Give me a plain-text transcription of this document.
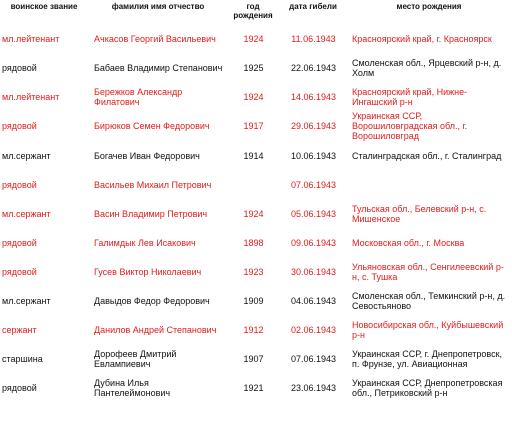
воинское звание	фамилия имя отчество	год рождения	дата гибели	место рождения
мл.лейтенант	Ачкасов Георгий Васильевич	1924	11.06.1943	Красноярский край, г. Красноярск
рядовой	Бабаев Владимир Степанович	1925	22.06.1943	Смоленская обл., Ярцевский р-н, д. Холм
мл.лейтенант	Бережков Александр Филатович	1924	14.06.1943	Красноярский край, Нижне-Ингашский р-н
рядовой	Бирюков Семен Федорович	1917	29.06.1943	Украинская ССР, Ворошиловградская обл., г. Ворошиловград
мл.сержант	Богачев Иван Федорович	1914	10.06.1943	Сталинградская обл., г. Сталинград
рядовой	Васильев Михаил Петрович		07.06.1943	
мл.сержант	Васин Владимир Петрович	1924	05.06.1943	Тульская обл., Белевский р-н, с. Мишенское
рядовой	Галимдык Лев Исакович	1898	09.06.1943	Московская обл., г. Москва
рядовой	Гусев Виктор Николаевич	1923	30.06.1943	Ульяновская обл., Сенгилеевский р-н, с. Тушка
мл.сержант	Давыдов Федор Федорович	1909	04.06.1943	Смоленская обл., Темкинский р-н, д. Севостьяново
сержант	Данилов Андрей Степанович	1912	02.06.1943	Новосибирская обл., Куйбышевский р-н
старшина	Дорофеев Дмитрий Евлампиевич	1907	07.06.1943	Украинская ССР, г. Днепропетровск, п. Фрунзе, ул. Авиационная
рядовой	Дубина Илья Пантелеймонович	1921	23.06.1943	Украинская ССР, Днепропетровская обл., Петриковский р-н
